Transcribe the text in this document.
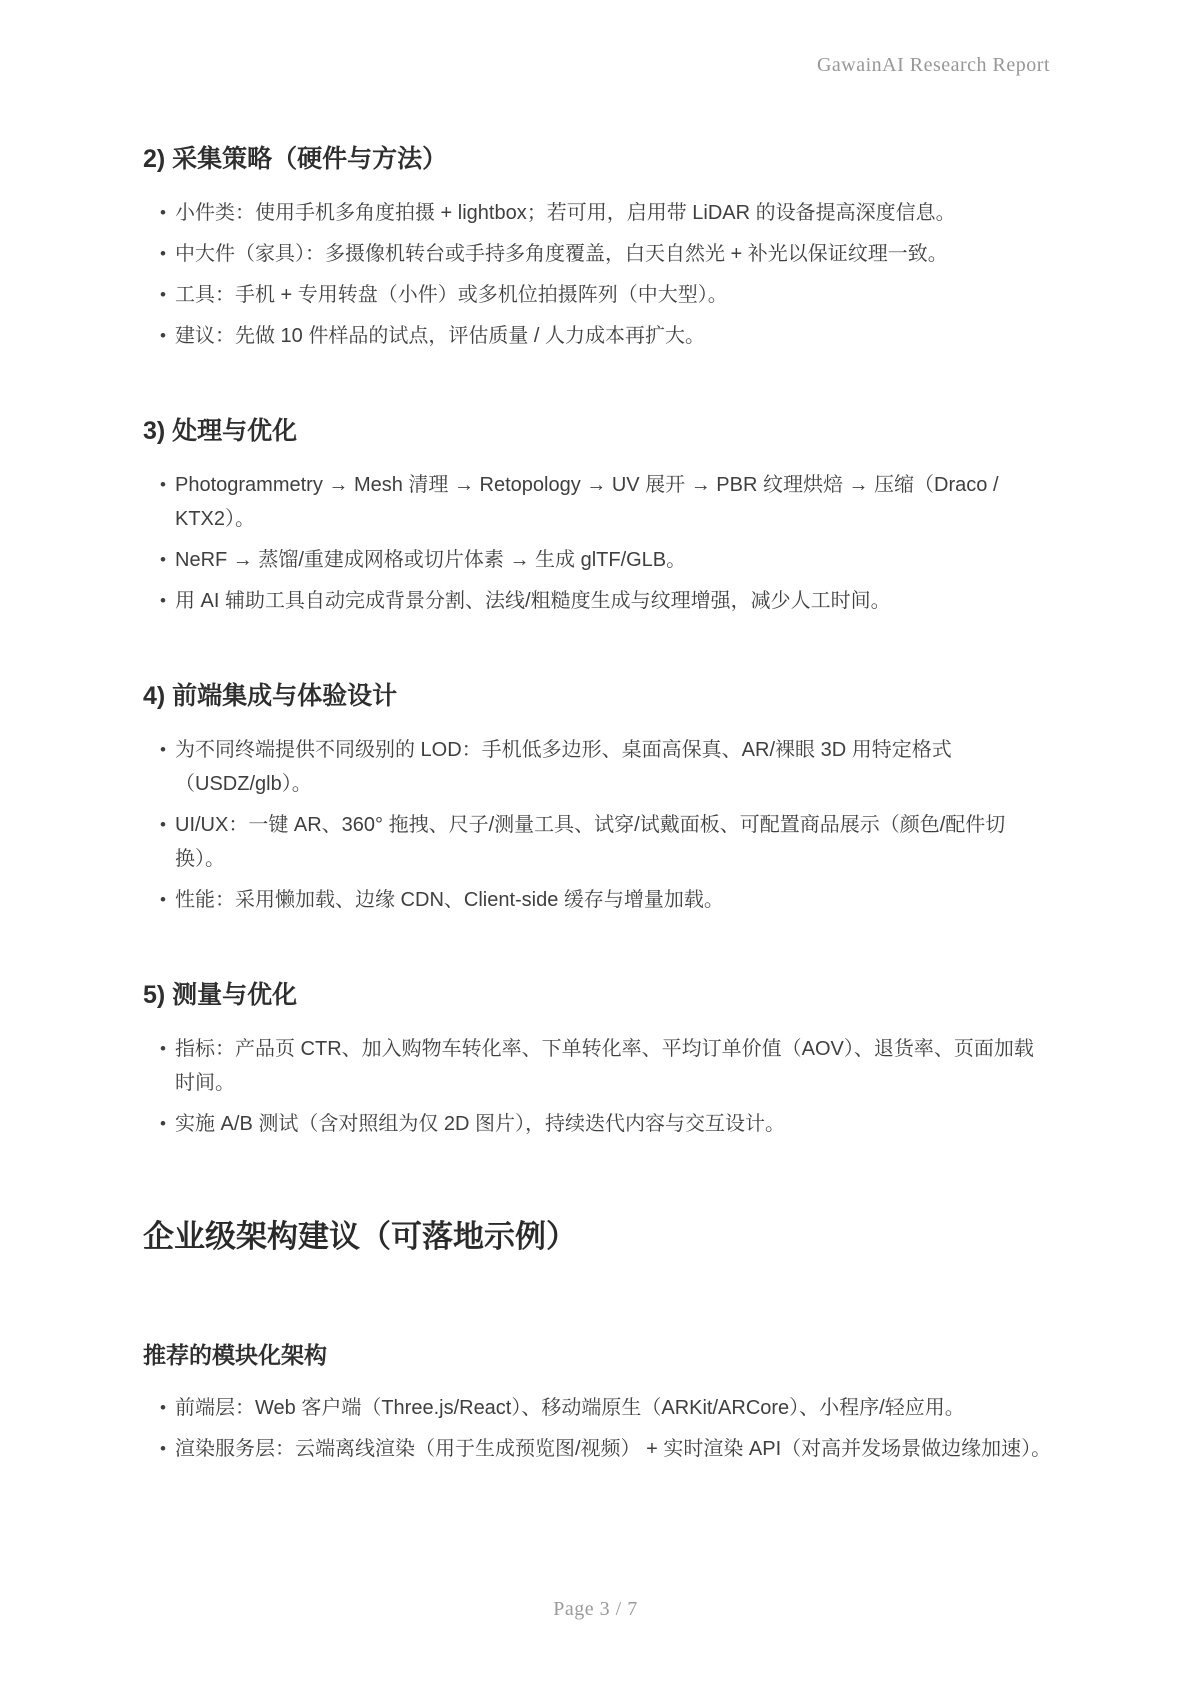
GawainAI Research Report
2) 采集策略（硬件与方法）
• 小件类：使用手机多角度拍摄 + lightbox；若可用，启用带 LiDAR 的设备提高深度信息。
• 中大件（家具）：多摄像机转台或手持多角度覆盖，白天自然光 + 补光以保证纹理一致。
• 工具：手机 + 专用转盘（小件）或多机位拍摄阵列（中大型）。
• 建议：先做 10 件样品的试点，评估质量 / 人力成本再扩大。
3) 处理与优化
• Photogrammetry → Mesh 清理 → Retopology → UV 展开 → PBR 纹理烘焙 → 压缩（Draco / KTX2）。
• NeRF → 蒸馏/重建成网格或切片体素 → 生成 glTF/GLB。
• 用 AI 辅助工具自动完成背景分割、法线/粗糙度生成与纹理增强，减少人工时间。
4) 前端集成与体验设计
• 为不同终端提供不同级别的 LOD：手机低多边形、桌面高保真、AR/裸眼 3D 用特定格式（USDZ/glb）。
• UI/UX：一键 AR、360° 拖拽、尺子/测量工具、试穿/试戴面板、可配置商品展示（颜色/配件切换）。
• 性能：采用懒加载、边缘 CDN、Client-side 缓存与增量加载。
5) 测量与优化
• 指标：产品页 CTR、加入购物车转化率、下单转化率、平均订单价值（AOV）、退货率、页面加载时间。
• 实施 A/B 测试（含对照组为仅 2D 图片），持续迭代内容与交互设计。
企业级架构建议（可落地示例）
推荐的模块化架构
• 前端层：Web 客户端（Three.js/React）、移动端原生（ARKit/ARCore）、小程序/轻应用。
• 渲染服务层：云端离线渲染（用于生成预览图/视频） + 实时渲染 API（对高并发场景做边缘加速）。
Page 3 / 7
